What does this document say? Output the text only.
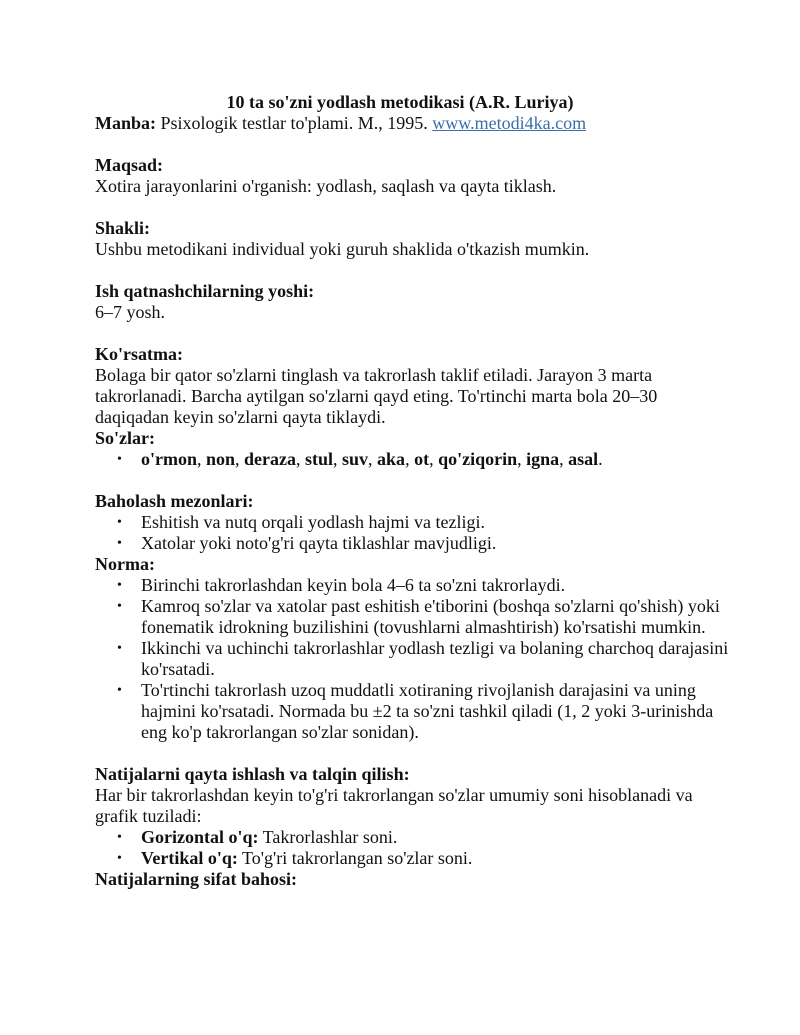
10 ta so'zni yodlash metodikasi (A.R. Luriya)
Manba: Psixologik testlar to'plami. M., 1995. www.metodi4ka.com
Maqsad:
Xotira jarayonlarini o'rganish: yodlash, saqlash va qayta tiklash.
Shakli:
Ushbu metodikani individual yoki guruh shaklida o'tkazish mumkin.
Ish qatnashchilarning yoshi:
6–7 yosh.
Ko'rsatma:
Bolaga bir qator so'zlarni tinglash va takrorlash taklif etiladi. Jarayon 3 marta takrorlanadi. Barcha aytilgan so'zlarni qayd eting. To'rtinchi marta bola 20–30 daqiqadan keyin so'zlarni qayta tiklaydi.
So'zlar:
• o'rmon, non, deraza, stul, suv, aka, ot, qo'ziqorin, igna, asal.
Baholash mezonlari:
• Eshitish va nutq orqali yodlash hajmi va tezligi.
• Xatolar yoki noto'g'ri qayta tiklashlar mavjudligi.
Norma:
• Birinchi takrorlashdan keyin bola 4–6 ta so'zni takrorlaydi.
• Kamroq so'zlar va xatolar past eshitish e'tiborini (boshqa so'zlarni qo'shish) yoki fonematik idrokning buzilishini (tovushlarni almashtirish) ko'rsatishi mumkin.
• Ikkinchi va uchinchi takrorlashlar yodlash tezligi va bolaning charchoq darajasini ko'rsatadi.
• To'rtinchi takrorlash uzoq muddatli xotiraning rivojlanish darajasini va uning hajmini ko'rsatadi. Normada bu ±2 ta so'zni tashkil qiladi (1, 2 yoki 3-urinishda eng ko'p takrorlangan so'zlar sonidan).
Natijalarni qayta ishlash va talqin qilish:
Har bir takrorlashdan keyin to'g'ri takrorlangan so'zlar umumiy soni hisoblanadi va grafik tuziladi:
• Gorizontal o'q: Takrorlashlar soni.
• Vertikal o'q: To'g'ri takrorlangan so'zlar soni.
Natijalarning sifat bahosi:
